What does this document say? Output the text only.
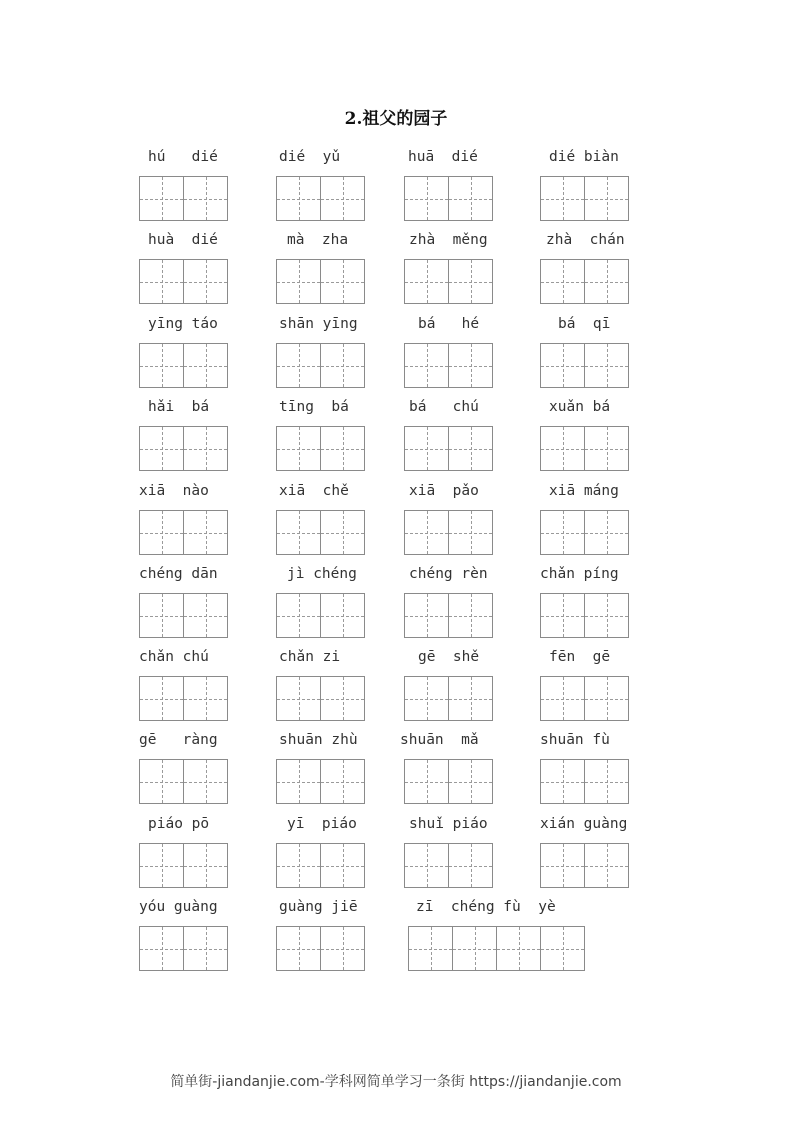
2.祖父的园子
hú   dié	dié  yǔ	huā  dié	dié biàn
huà  dié	mà  zha	zhà  měng	zhà  chán
yīng táo	shān yīng	bá   hé	bá  qī
hǎi  bá	tīng  bá	bá   chú	xuǎn bá
xiā  nào	xiā  chě	xiā  pǎo	xiā máng
chéng dān	jì chéng	chéng rèn	chǎn píng
chǎn chú	chǎn zi	gē  shě	fēn  gē
gē   ràng	shuān zhù	shuān  mǎ	shuān fù
piáo pō	yī  piáo	shuǐ piáo	xián guàng
yóu guàng	guàng jiē	zī  chéng fù  yè
简单街-jiandanjie.com-学科网简单学习一条街 https://jiandanjie.com
